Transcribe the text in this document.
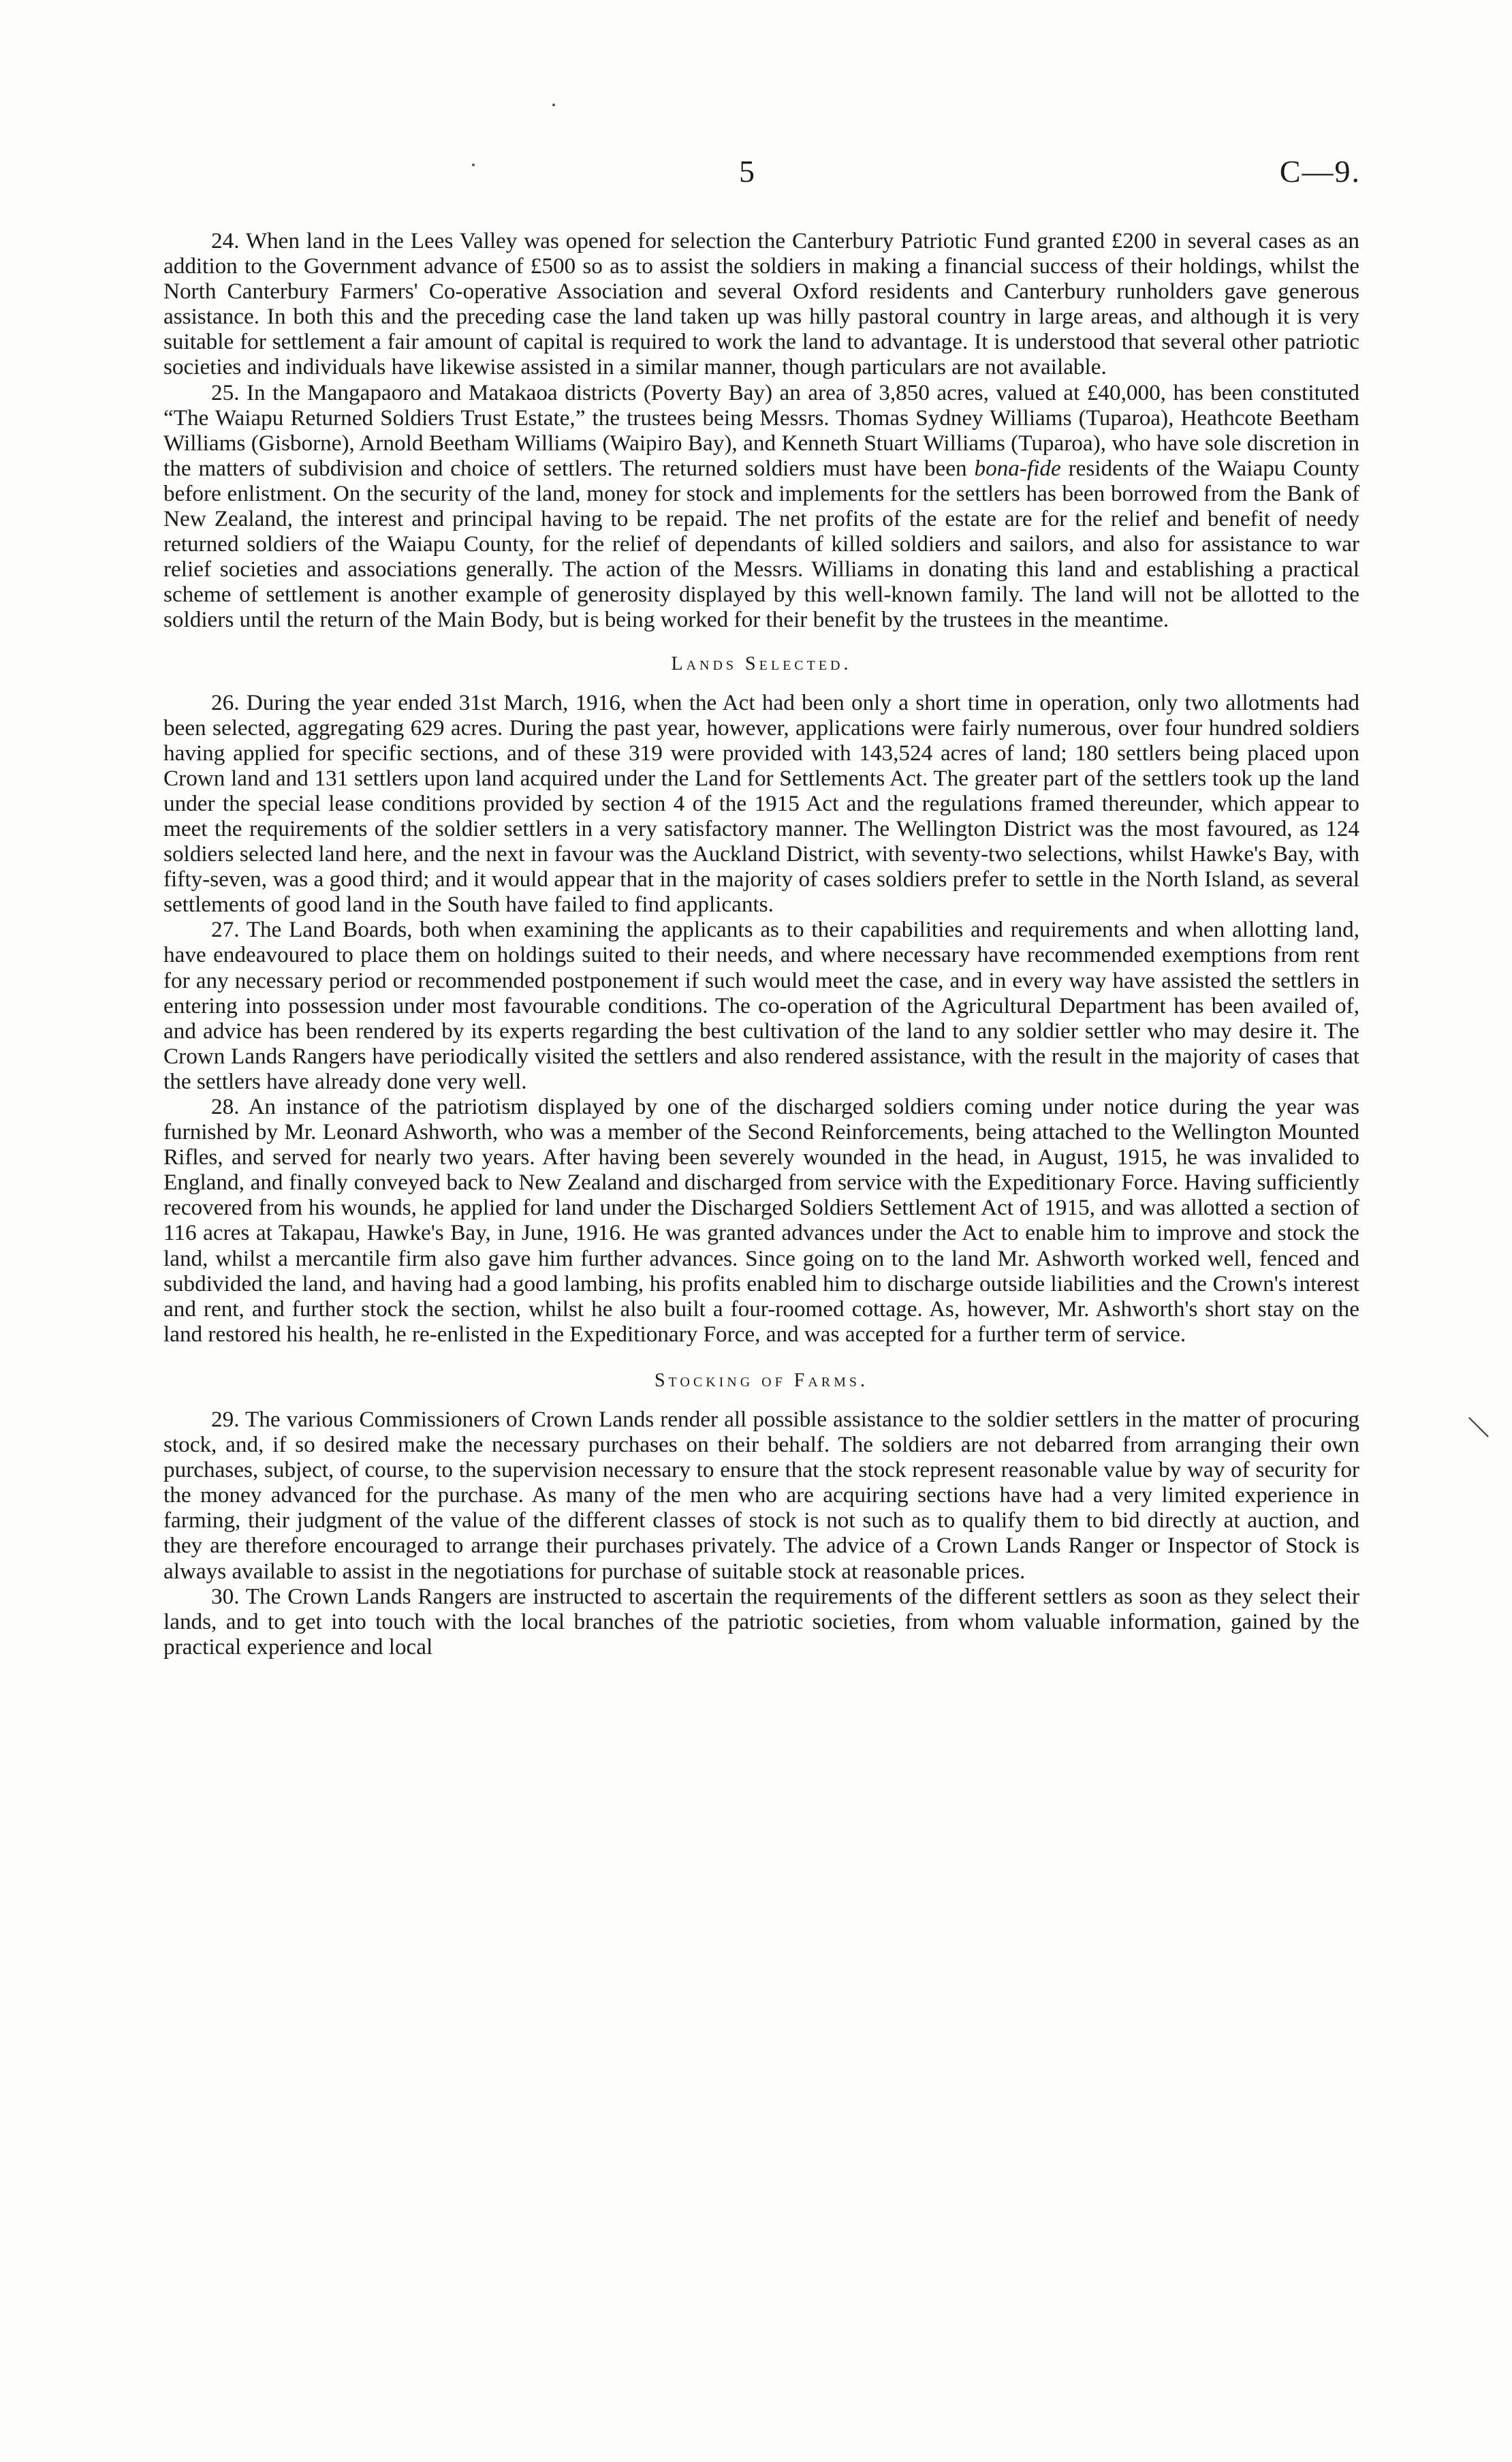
5	C—9.

24. When land in the Lees Valley was opened for selection the Canterbury Patriotic Fund granted £200 in several cases as an addition to the Government advance of £500 so as to assist the soldiers in making a financial success of their holdings, whilst the North Canterbury Farmers' Co-operative Association and several Oxford residents and Canterbury runholders gave generous assistance. In both this and the preceding case the land taken up was hilly pastoral country in large areas, and although it is very suitable for settlement a fair amount of capital is required to work the land to advantage. It is understood that several other patriotic societies and individuals have likewise assisted in a similar manner, though particulars are not available.

25. In the Mangapaoro and Matakaoa districts (Poverty Bay) an area of 3,850 acres, valued at £40,000, has been constituted “The Waiapu Returned Soldiers Trust Estate,” the trustees being Messrs. Thomas Sydney Williams (Tuparoa), Heathcote Beetham Williams (Gisborne), Arnold Beetham Williams (Waipiro Bay), and Kenneth Stuart Williams (Tuparoa), who have sole discretion in the matters of subdivision and choice of settlers. The returned soldiers must have been bona-fide residents of the Waiapu County before enlistment. On the security of the land, money for stock and implements for the settlers has been borrowed from the Bank of New Zealand, the interest and principal having to be repaid. The net profits of the estate are for the relief and benefit of needy returned soldiers of the Waiapu County, for the relief of dependants of killed soldiers and sailors, and also for assistance to war relief societies and associations generally. The action of the Messrs. Williams in donating this land and establishing a practical scheme of settlement is another example of generosity displayed by this well-known family. The land will not be allotted to the soldiers until the return of the Main Body, but is being worked for their benefit by the trustees in the meantime.

Lands Selected.

26. During the year ended 31st March, 1916, when the Act had been only a short time in operation, only two allotments had been selected, aggregating 629 acres. During the past year, however, applications were fairly numerous, over four hundred soldiers having applied for specific sections, and of these 319 were provided with 143,524 acres of land; 180 settlers being placed upon Crown land and 131 settlers upon land acquired under the Land for Settlements Act. The greater part of the settlers took up the land under the special lease conditions provided by section 4 of the 1915 Act and the regulations framed thereunder, which appear to meet the requirements of the soldier settlers in a very satisfactory manner. The Wellington District was the most favoured, as 124 soldiers selected land here, and the next in favour was the Auckland District, with seventy-two selections, whilst Hawke's Bay, with fifty-seven, was a good third; and it would appear that in the majority of cases soldiers prefer to settle in the North Island, as several settlements of good land in the South have failed to find applicants.

27. The Land Boards, both when examining the applicants as to their capabilities and requirements and when allotting land, have endeavoured to place them on holdings suited to their needs, and where necessary have recommended exemptions from rent for any necessary period or recommended postponement if such would meet the case, and in every way have assisted the settlers in entering into possession under most favourable conditions. The co-operation of the Agricultural Department has been availed of, and advice has been rendered by its experts regarding the best cultivation of the land to any soldier settler who may desire it. The Crown Lands Rangers have periodically visited the settlers and also rendered assistance, with the result in the majority of cases that the settlers have already done very well.

28. An instance of the patriotism displayed by one of the discharged soldiers coming under notice during the year was furnished by Mr. Leonard Ashworth, who was a member of the Second Reinforcements, being attached to the Wellington Mounted Rifles, and served for nearly two years. After having been severely wounded in the head, in August, 1915, he was invalided to England, and finally conveyed back to New Zealand and discharged from service with the Expeditionary Force. Having sufficiently recovered from his wounds, he applied for land under the Discharged Soldiers Settlement Act of 1915, and was allotted a section of 116 acres at Takapau, Hawke's Bay, in June, 1916. He was granted advances under the Act to enable him to improve and stock the land, whilst a mercantile firm also gave him further advances. Since going on to the land Mr. Ashworth worked well, fenced and subdivided the land, and having had a good lambing, his profits enabled him to discharge outside liabilities and the Crown's interest and rent, and further stock the section, whilst he also built a four-roomed cottage. As, however, Mr. Ashworth's short stay on the land restored his health, he re-enlisted in the Expeditionary Force, and was accepted for a further term of service.

Stocking of Farms.

29. The various Commissioners of Crown Lands render all possible assistance to the soldier settlers in the matter of procuring stock, and, if so desired make the necessary purchases on their behalf. The soldiers are not debarred from arranging their own purchases, subject, of course, to the supervision necessary to ensure that the stock represent reasonable value by way of security for the money advanced for the purchase. As many of the men who are acquiring sections have had a very limited experience in farming, their judgment of the value of the different classes of stock is not such as to qualify them to bid directly at auction, and they are therefore encouraged to arrange their purchases privately. The advice of a Crown Lands Ranger or Inspector of Stock is always available to assist in the negotiations for purchase of suitable stock at reasonable prices.

30. The Crown Lands Rangers are instructed to ascertain the requirements of the different settlers as soon as they select their lands, and to get into touch with the local branches of the patriotic societies, from whom valuable information, gained by the practical experience and local
